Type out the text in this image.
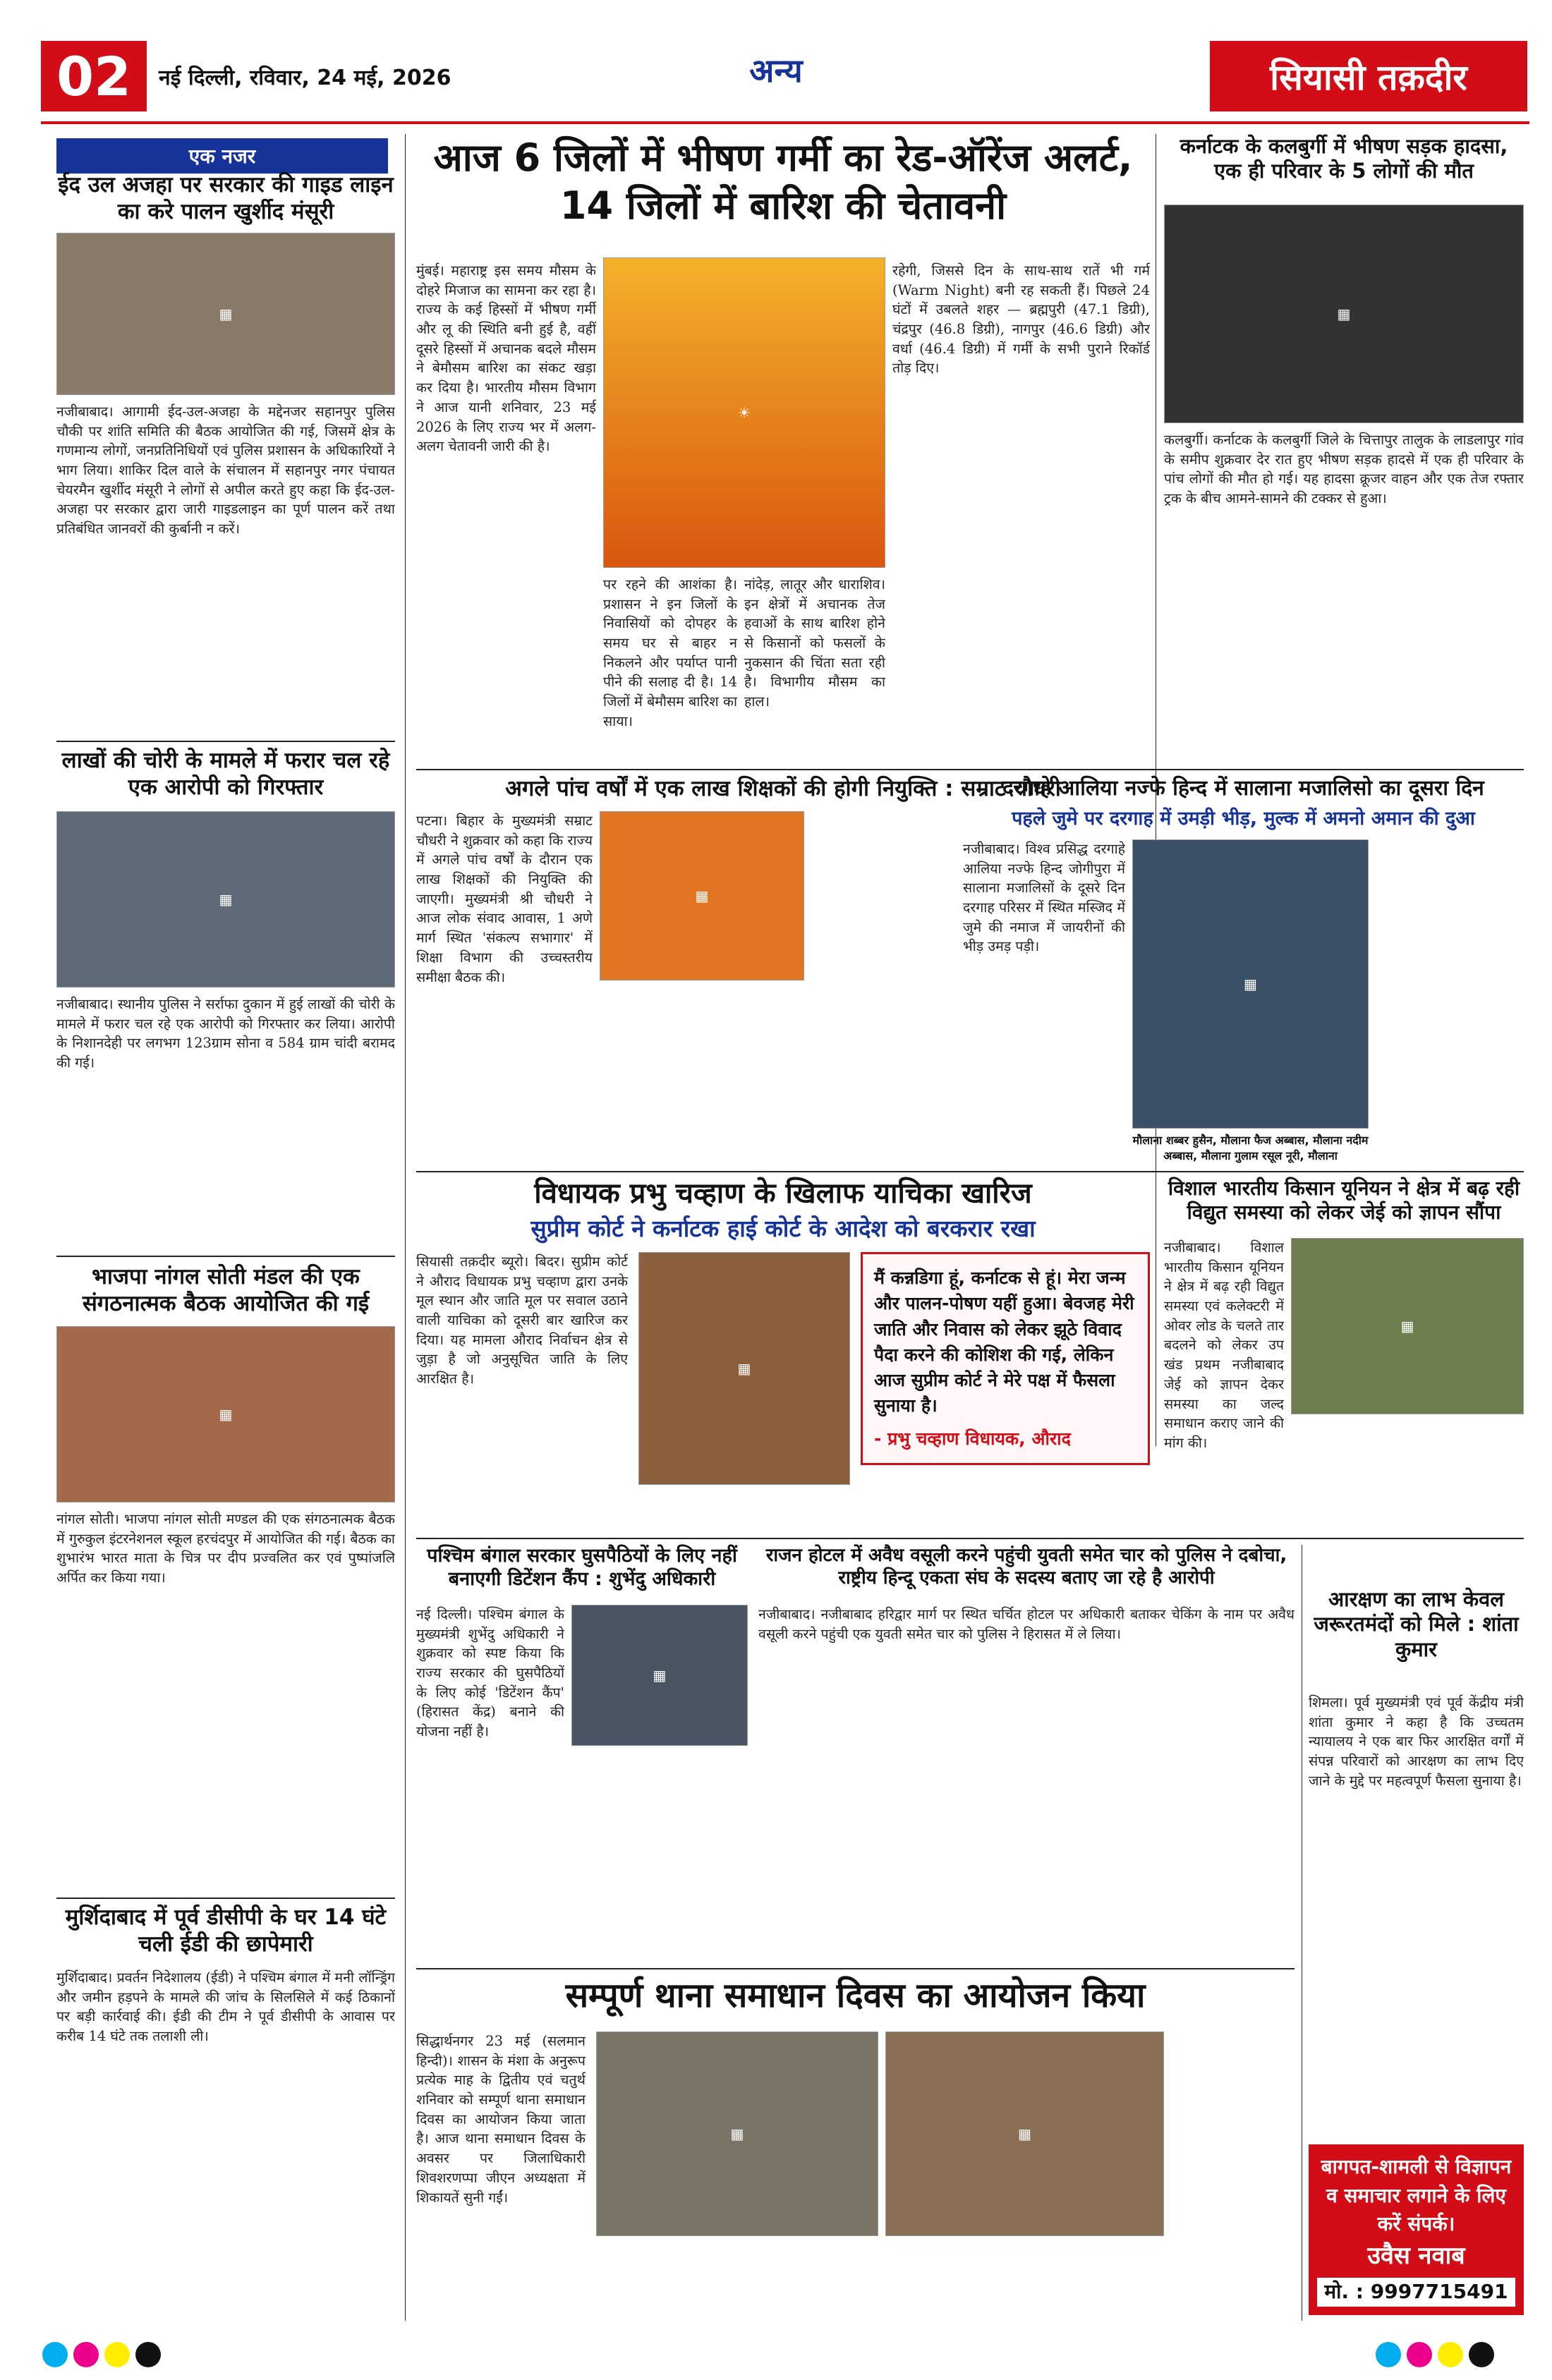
02	नई दिल्ली, रविवार, 24 मई, 2026	अन्य	सियासी तक़दीर
एक नजर
ईद उल अजहा पर सरकार की गाइड लाइन का करे पालन खुर्शीद मंसूरी
▦
नजीबाबाद। आगामी ईद-उल-अजहा के मद्देनजर सहानपुर पुलिस चौकी पर शांति समिति की बैठक आयोजित की गई, जिसमें क्षेत्र के गणमान्य लोगों, जनप्रतिनिधियों एवं पुलिस प्रशासन के अधिकारियों ने भाग लिया। शाकिर दिल वाले के संचालन में सहानपुर नगर पंचायत चेयरमैन खुर्शीद मंसूरी ने लोगों से अपील करते हुए कहा कि ईद-उल-अजहा पर सरकार द्वारा जारी गाइडलाइन का पूर्ण पालन करें तथा प्रतिबंधित जानवरों की कुर्बानी न करें।
लाखों की चोरी के मामले में फरार चल रहे एक आरोपी को गिरफ्तार
▦
नजीबाबाद। स्थानीय पुलिस ने सर्राफा दुकान में हुई लाखों की चोरी के मामले में फरार चल रहे एक आरोपी को गिरफ्तार कर लिया। आरोपी के निशानदेही पर लगभग 123ग्राम सोना व 584 ग्राम चांदी बरामद की गई।
भाजपा नांगल सोती मंडल की एक संगठनात्मक बैठक आयोजित की गई
▦
नांगल सोती। भाजपा नांगल सोती मण्डल की एक संगठनात्मक बैठक में गुरुकुल इंटरनेशनल स्कूल हरचंदपुर में आयोजित की गई। बैठक का शुभारंभ भारत माता के चित्र पर दीप प्रज्वलित कर एवं पुष्पांजलि अर्पित कर किया गया।
मुर्शिदाबाद में पूर्व डीसीपी के घर 14 घंटे चली ईडी की छापेमारी
मुर्शिदाबाद। प्रवर्तन निदेशालय (ईडी) ने पश्चिम बंगाल में मनी लॉन्ड्रिंग और जमीन हड़पने के मामले की जांच के सिलसिले में कई ठिकानों पर बड़ी कार्रवाई की। ईडी की टीम ने पूर्व डीसीपी के आवास पर करीब 14 घंटे तक तलाशी ली।
आज 6 जिलों में भीषण गर्मी का रेड-ऑरेंज अलर्ट, 14 जिलों में बारिश की चेतावनी
मुंबई। महाराष्ट्र इस समय मौसम के दोहरे मिजाज का सामना कर रहा है। राज्य के कई हिस्सों में भीषण गर्मी और लू की स्थिति बनी हुई है, वहीं दूसरे हिस्सों में अचानक बदले मौसम ने बेमौसम बारिश का संकट खड़ा कर दिया है। भारतीय मौसम विभाग ने आज यानी शनिवार, 23 मई 2026 के लिए राज्य भर में अलग-अलग चेतावनी जारी की है।
☀
पर रहने की आशंका है। प्रशासन ने इन जिलों के निवासियों को दोपहर के समय घर से बाहर न निकलने और पर्याप्त पानी पीने की सलाह दी है। 14 जिलों में बेमौसम बारिश का साया।
नांदेड़, लातूर और धाराशिव। इन क्षेत्रों में अचानक तेज हवाओं के साथ बारिश होने से किसानों को फसलों के नुकसान की चिंता सता रही है। विभागीय मौसम का हाल।
रहेगी, जिससे दिन के साथ-साथ रातें भी गर्म (Warm Night) बनी रह सकती हैं। पिछले 24 घंटों में उबलते शहर — ब्रह्मपुरी (47.1 डिग्री), चंद्रपुर (46.8 डिग्री), नागपुर (46.6 डिग्री) और वर्धा (46.4 डिग्री) में गर्मी के सभी पुराने रिकॉर्ड तोड़ दिए।
कर्नाटक के कलबुर्गी में भीषण सड़क हादसा, एक ही परिवार के 5 लोगों की मौत
▦
कलबुर्गी। कर्नाटक के कलबुर्गी जिले के चित्तापुर तालुक के लाडलापुर गांव के समीप शुक्रवार देर रात हुए भीषण सड़क हादसे में एक ही परिवार के पांच लोगों की मौत हो गई। यह हादसा क्रूजर वाहन और एक तेज रफ्तार ट्रक के बीच आमने-सामने की टक्कर से हुआ।
अगले पांच वर्षों में एक लाख शिक्षकों की होगी नियुक्ति : सम्राट चौधरी
▦
पटना। बिहार के मुख्यमंत्री सम्राट चौधरी ने शुक्रवार को कहा कि राज्य में अगले पांच वर्षों के दौरान एक लाख शिक्षकों की नियुक्ति की जाएगी। मुख्यमंत्री श्री चौधरी ने आज लोक संवाद आवास, 1 अणे मार्ग स्थित 'संकल्प सभागार' में शिक्षा विभाग की उच्चस्तरीय समीक्षा बैठक की।
दरगाहे आलिया नज्फे हिन्द में सालाना मजालिसो का दूसरा दिन
पहले जुमे पर दरगाह में उमड़ी भीड़, मुल्क में अमनो अमान की दुआ
नजीबाबाद। विश्व प्रसिद्ध दरगाहे आलिया नज्फे हिन्द जोगीपुरा में सालाना मजालिसों के दूसरे दिन दरगाह परिसर में स्थित मस्जिद में जुमे की नमाज में जायरीनों की भीड़ उमड़ पड़ी।
▦
मौलाना शब्बर हुसैन, मौलाना फैज अब्बास, मौलाना नदीम अब्बास, मौलाना गुलाम रसूल नूरी, मौलाना
विधायक प्रभु चव्हाण के खिलाफ याचिका खारिज
सुप्रीम कोर्ट ने कर्नाटक हाई कोर्ट के आदेश को बरकरार रखा
सियासी तक़दीर ब्यूरो। बिदर। सुप्रीम कोर्ट ने औराद विधायक प्रभु चव्हाण द्वारा उनके मूल स्थान और जाति मूल पर सवाल उठाने वाली याचिका को दूसरी बार खारिज कर दिया। यह मामला औराद निर्वाचन क्षेत्र से जुड़ा है जो अनुसूचित जाति के लिए आरक्षित है।
▦
मैं कन्नडिगा हूं, कर्नाटक से हूं। मेरा जन्म और पालन-पोषण यहीं हुआ। बेवजह मेरी जाति और निवास को लेकर झूठे विवाद पैदा करने की कोशिश की गई, लेकिन आज सुप्रीम कोर्ट ने मेरे पक्ष में फैसला सुनाया है।
- प्रभु चव्हाण विधायक, औराद
विशाल भारतीय किसान यूनियन ने क्षेत्र में बढ़ रही विद्युत समस्या को लेकर जेई को ज्ञापन सौंपा
▦
नजीबाबाद। विशाल भारतीय किसान यूनियन ने क्षेत्र में बढ़ रही विद्युत समस्या एवं कलेक्टरी में ओवर लोड के चलते तार बदलने को लेकर उप खंड प्रथम नजीबाबाद जेई को ज्ञापन देकर समस्या का जल्द समाधान कराए जाने की मांग की।
पश्चिम बंगाल सरकार घुसपैठियों के लिए नहीं बनाएगी डिटेंशन कैंप : शुभेंदु अधिकारी
▦
नई दिल्ली। पश्चिम बंगाल के मुख्यमंत्री शुभेंदु अधिकारी ने शुक्रवार को स्पष्ट किया कि राज्य सरकार की घुसपैठियों के लिए कोई 'डिटेंशन कैंप' (हिरासत केंद्र) बनाने की योजना नहीं है।
राजन होटल में अवैध वसूली करने पहुंची युवती समेत चार को पुलिस ने दबोचा, राष्ट्रीय हिन्दू एकता संघ के सदस्य बताए जा रहे है आरोपी
नजीबाबाद। नजीबाबाद हरिद्वार मार्ग पर स्थित चर्चित होटल पर अधिकारी बताकर चेकिंग के नाम पर अवैध वसूली करने पहुंची एक युवती समेत चार को पुलिस ने हिरासत में ले लिया।
आरक्षण का लाभ केवल जरूरतमंदों को मिले : शांता कुमार
शिमला। पूर्व मुख्यमंत्री एवं पूर्व केंद्रीय मंत्री शांता कुमार ने कहा है कि उच्चतम न्यायालय ने एक बार फिर आरक्षित वर्गों में संपन्न परिवारों को आरक्षण का लाभ दिए जाने के मुद्दे पर महत्वपूर्ण फैसला सुनाया है।
सम्पूर्ण थाना समाधान दिवस का आयोजन किया
सिद्धार्थनगर 23 मई (सलमान हिन्दी)। शासन के मंशा के अनुरूप प्रत्येक माह के द्वितीय एवं चतुर्थ शनिवार को सम्पूर्ण थाना समाधान दिवस का आयोजन किया जाता है। आज थाना समाधान दिवस के अवसर पर जिलाधिकारी शिवशरणप्पा जीएन अध्यक्षता में शिकायतें सुनी गईं।
▦	▦
बागपत-शामली से विज्ञापन
व समाचार लगाने के लिए
करें संपर्क।
उवैस नवाब
मो. : 9997715491
